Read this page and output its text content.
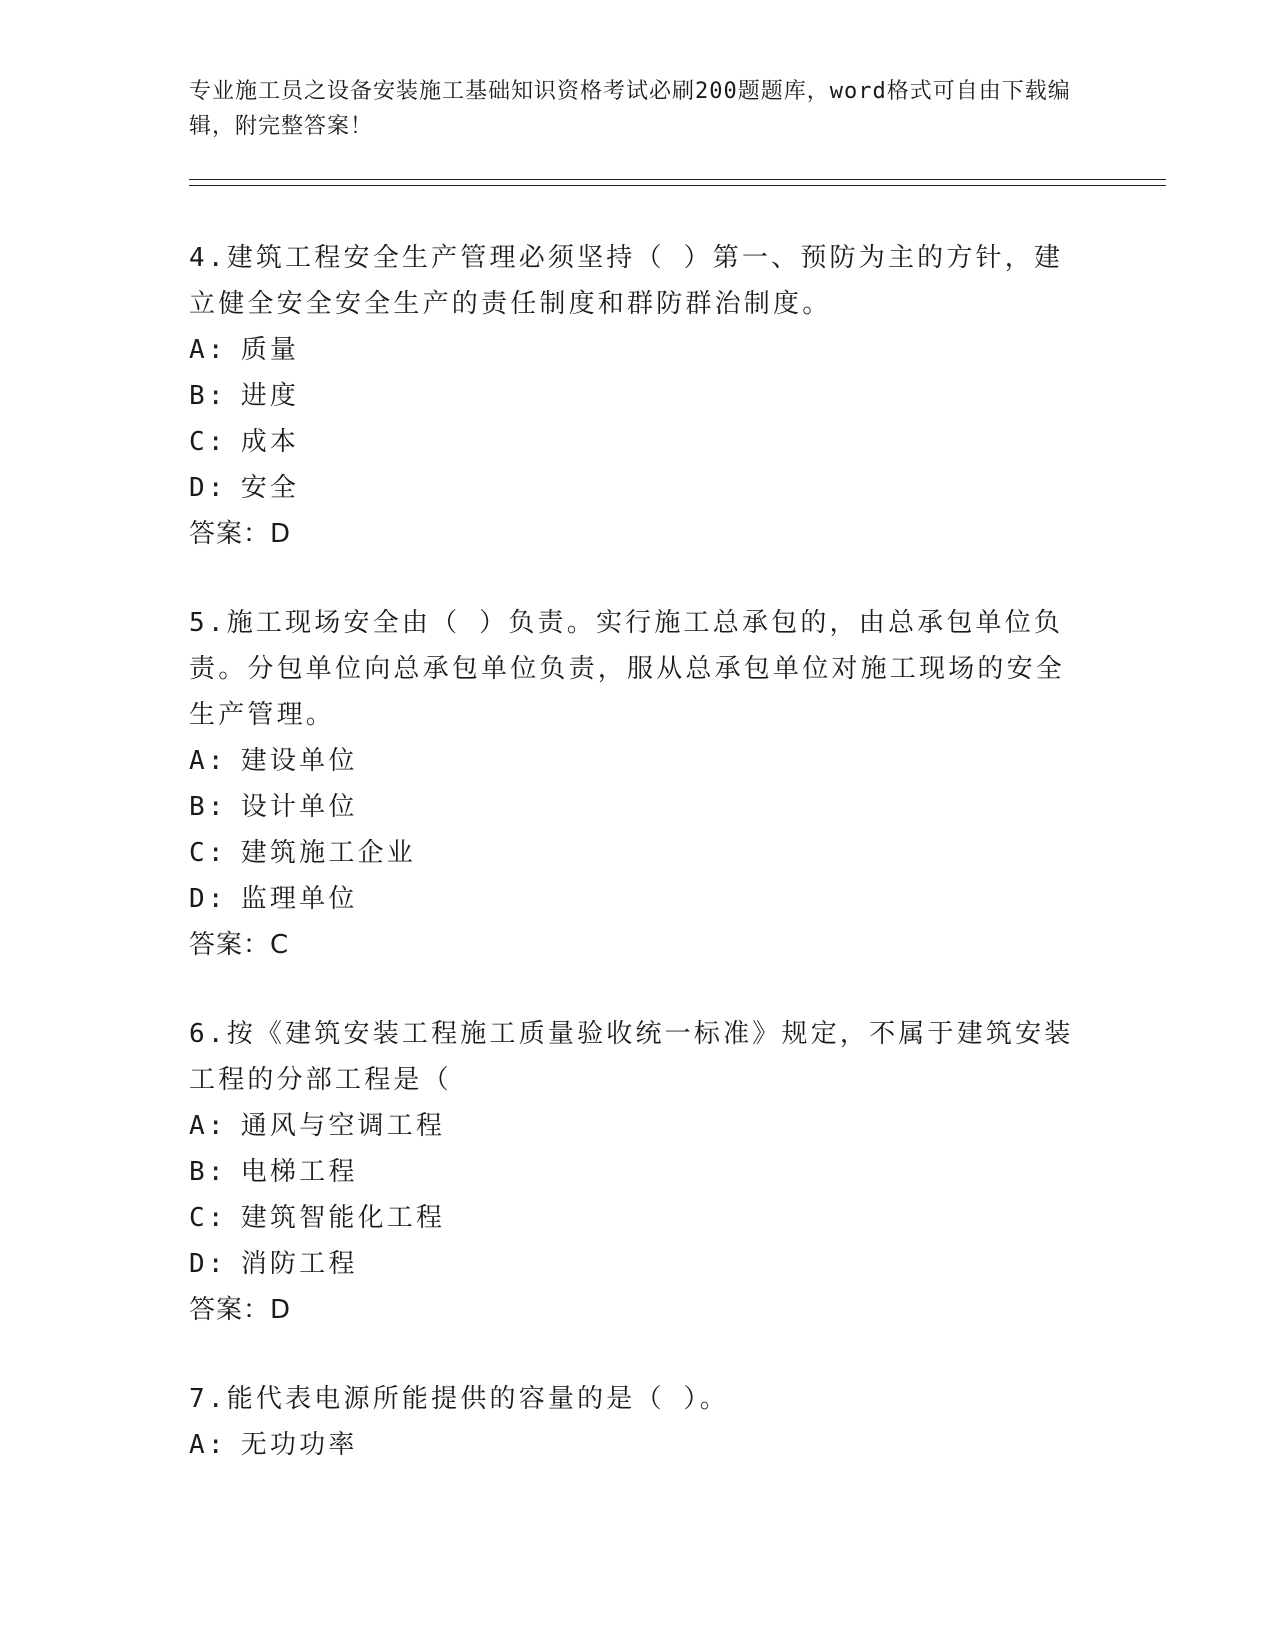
专业施工员之设备安装施工基础知识资格考试必刷200题题库，word格式可自由下载编辑，附完整答案！

4.建筑工程安全生产管理必须坚持（ ）第一、预防为主的方针，建立健全安全安全生产的责任制度和群防群治制度。

A: 质量

B: 进度

C: 成本

D: 安全

答案：D

5.施工现场安全由（ ）负责。实行施工总承包的，由总承包单位负责。分包单位向总承包单位负责，服从总承包单位对施工现场的安全生产管理。

A: 建设单位

B: 设计单位

C: 建筑施工企业

D: 监理单位

答案：C

6.按《建筑安装工程施工质量验收统一标准》规定，不属于建筑安装工程的分部工程是（

A: 通风与空调工程

B: 电梯工程

C: 建筑智能化工程

D: 消防工程

答案：D

7.能代表电源所能提供的容量的是（ ）。

A: 无功功率
